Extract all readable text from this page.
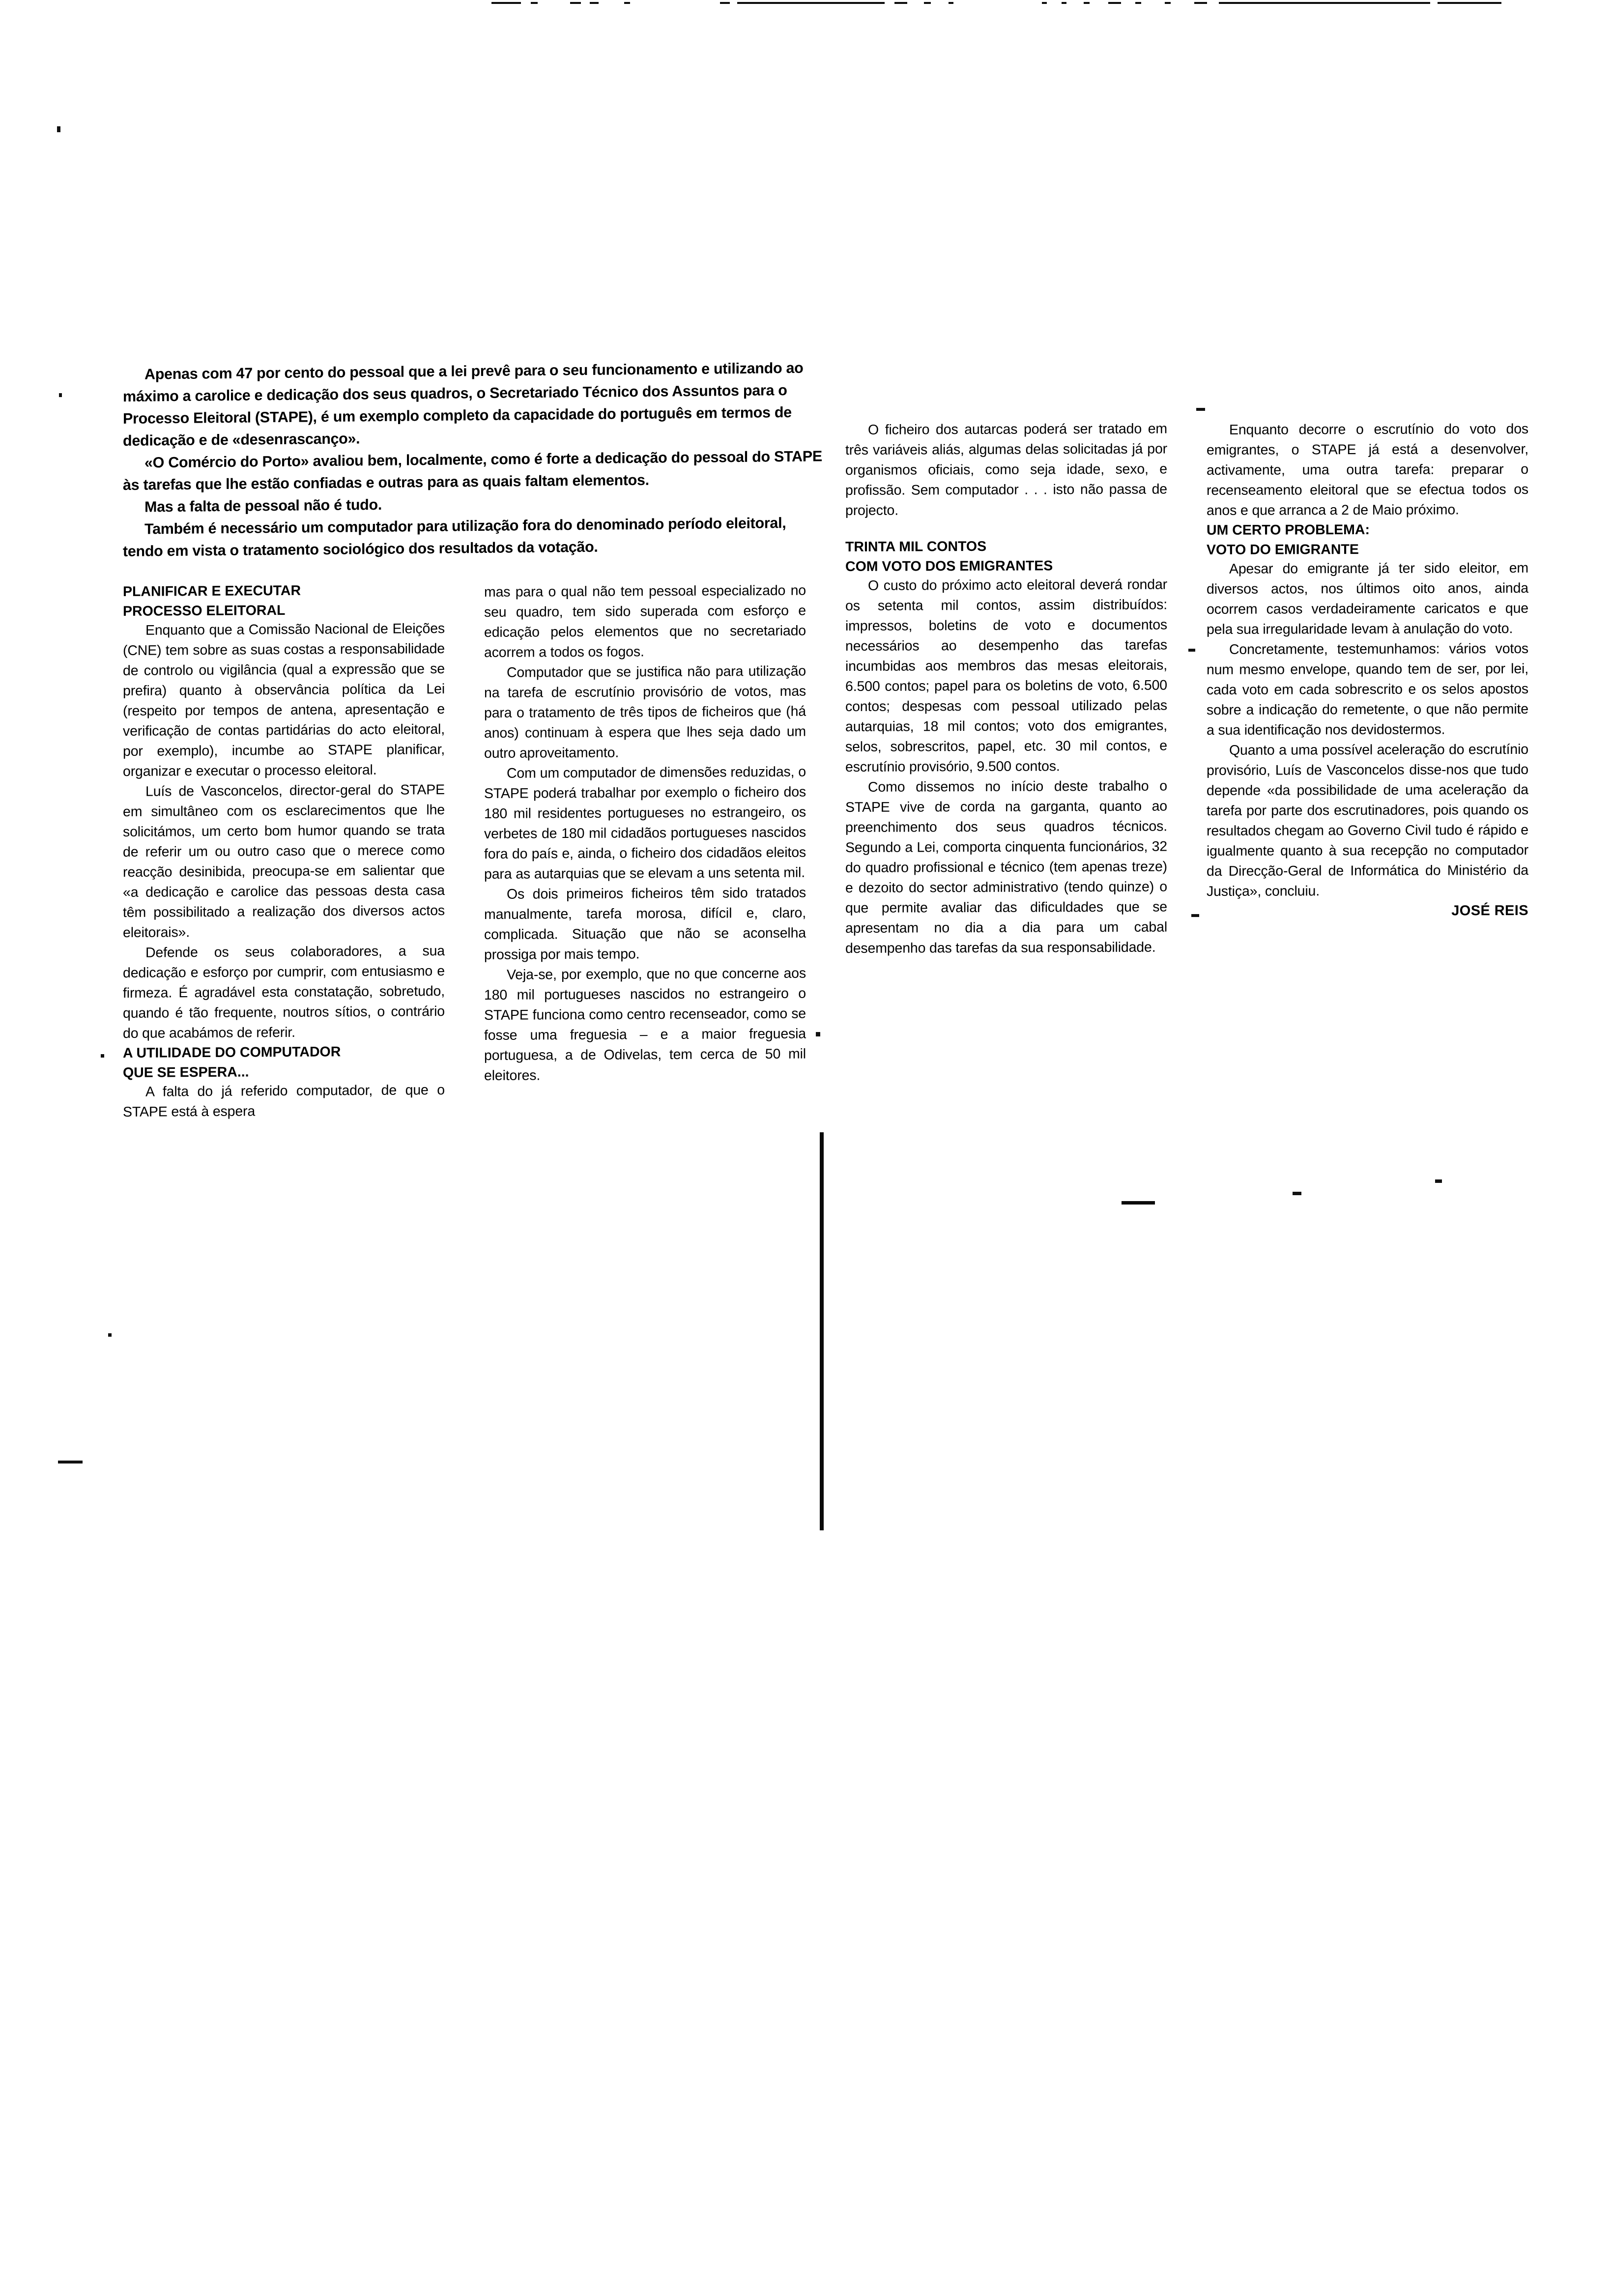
Apenas com 47 por cento do pessoal que a lei prevê para o seu funcionamento e utilizando ao máximo a carolice e dedicação dos seus quadros, o Secretariado Técnico dos Assuntos para o Processo Eleitoral (STAPE), é um exemplo completo da capacidade do português em termos de dedicação e de «desenrascanço».

«O Comércio do Porto» avaliou bem, localmente, como é forte a dedicação do pessoal do STAPE às tarefas que lhe estão confiadas e outras para as quais faltam elementos.

Mas a falta de pessoal não é tudo.

Também é necessário um computador para utilização fora do denominado período eleitoral, tendo em vista o tratamento sociológico dos resultados da votação.

PLANIFICAR E EXECUTAR

PROCESSO ELEITORAL

Enquanto que a Comissão Nacional de Eleições (CNE) tem sobre as suas costas a responsabilidade de controlo ou vigilância (qual a expressão que se prefira) quanto à observância política da Lei (respeito por tempos de antena, apresentação e verificação de contas partidárias do acto eleitoral, por exemplo), incumbe ao STAPE planificar, organizar e executar o processo eleitoral.

Luís de Vasconcelos, director-geral do STAPE em simultâneo com os esclarecimentos que lhe solicitámos, um certo bom humor quando se trata de referir um ou outro caso que o merece como reacção desinibida, preocupa-se em salientar que «a dedicação e carolice das pessoas desta casa têm possibilitado a realização dos diversos actos eleitorais».

Defende os seus colaboradores, a sua dedicação e esforço por cumprir, com entusiasmo e firmeza. É agradável esta constatação, sobretudo, quando é tão frequente, noutros sítios, o contrário do que acabámos de referir.

A UTILIDADE DO COMPUTADOR

QUE SE ESPERA...

A falta do já referido computador, de que o STAPE está à espera

mas para o qual não tem pessoal especializado no seu quadro, tem sido superada com esforço e edicação pelos elementos que no secretariado acorrem a todos os fogos.

Computador que se justifica não para utilização na tarefa de escrutínio provisório de votos, mas para o tratamento de três tipos de ficheiros que (há anos) continuam à espera que lhes seja dado um outro aproveitamento.

Com um computador de dimensões reduzidas, o STAPE poderá trabalhar por exemplo o ficheiro dos 180 mil residentes portugueses no estrangeiro, os verbetes de 180 mil cidadãos portugueses nascidos fora do país e, ainda, o ficheiro dos cidadãos eleitos para as autarquias que se elevam a uns setenta mil.

Os dois primeiros ficheiros têm sido tratados manualmente, tarefa morosa, difícil e, claro, complicada. Situação que não se aconselha prossiga por mais tempo.

Veja-se, por exemplo, que no que concerne aos 180 mil portugueses nascidos no estrangeiro o STAPE funciona como centro recenseador, como se fosse uma freguesia – e a maior freguesia portuguesa, a de Odivelas, tem cerca de 50 mil eleitores.

O ficheiro dos autarcas poderá ser tratado em três variáveis aliás, algumas delas solicitadas já por organismos oficiais, como seja idade, sexo, e profissão. Sem computador . . . isto não passa de projecto.

TRINTA MIL CONTOS

COM VOTO DOS EMIGRANTES

O custo do próximo acto eleitoral deverá rondar os setenta mil contos, assim distribuídos: impressos, boletins de voto e documentos necessários ao desempenho das tarefas incumbidas aos membros das mesas eleitorais, 6.500 contos; papel para os boletins de voto, 6.500 contos; despesas com pessoal utilizado pelas autarquias, 18 mil contos; voto dos emigrantes, selos, sobrescritos, papel, etc. 30 mil contos, e escrutínio provisório, 9.500 contos.

Como dissemos no início deste trabalho o STAPE vive de corda na garganta, quanto ao preenchimento dos seus quadros técnicos. Segundo a Lei, comporta cinquenta funcionários, 32 do quadro profissional e técnico (tem apenas treze) e dezoito do sector administrativo (tendo quinze) o que permite avaliar das dificuldades que se apresentam no dia a dia para um cabal desempenho das tarefas da sua responsabilidade.

Enquanto decorre o escrutínio do voto dos emigrantes, o STAPE já está a desenvolver, activamente, uma outra tarefa: preparar o recenseamento eleitoral que se efectua todos os anos e que arranca a 2 de Maio próximo.

UM CERTO PROBLEMA:

VOTO DO EMIGRANTE

Apesar do emigrante já ter sido eleitor, em diversos actos, nos últimos oito anos, ainda ocorrem casos verdadeiramente caricatos e que pela sua irregularidade levam à anulação do voto.

Concretamente, testemunhamos: vários votos num mesmo envelope, quando tem de ser, por lei, cada voto em cada sobrescrito e os selos apostos sobre a indicação do remetente, o que não permite a sua identificação nos devidostermos.

Quanto a uma possível aceleração do escrutínio provisório, Luís de Vasconcelos disse-nos que tudo depende «da possibilidade de uma aceleração da tarefa por parte dos escrutinadores, pois quando os resultados chegam ao Governo Civil tudo é rápido e igualmente quanto à sua recepção no computador da Direcção-Geral de Informática do Ministério da Justiça», concluiu.

JOSÉ REIS
